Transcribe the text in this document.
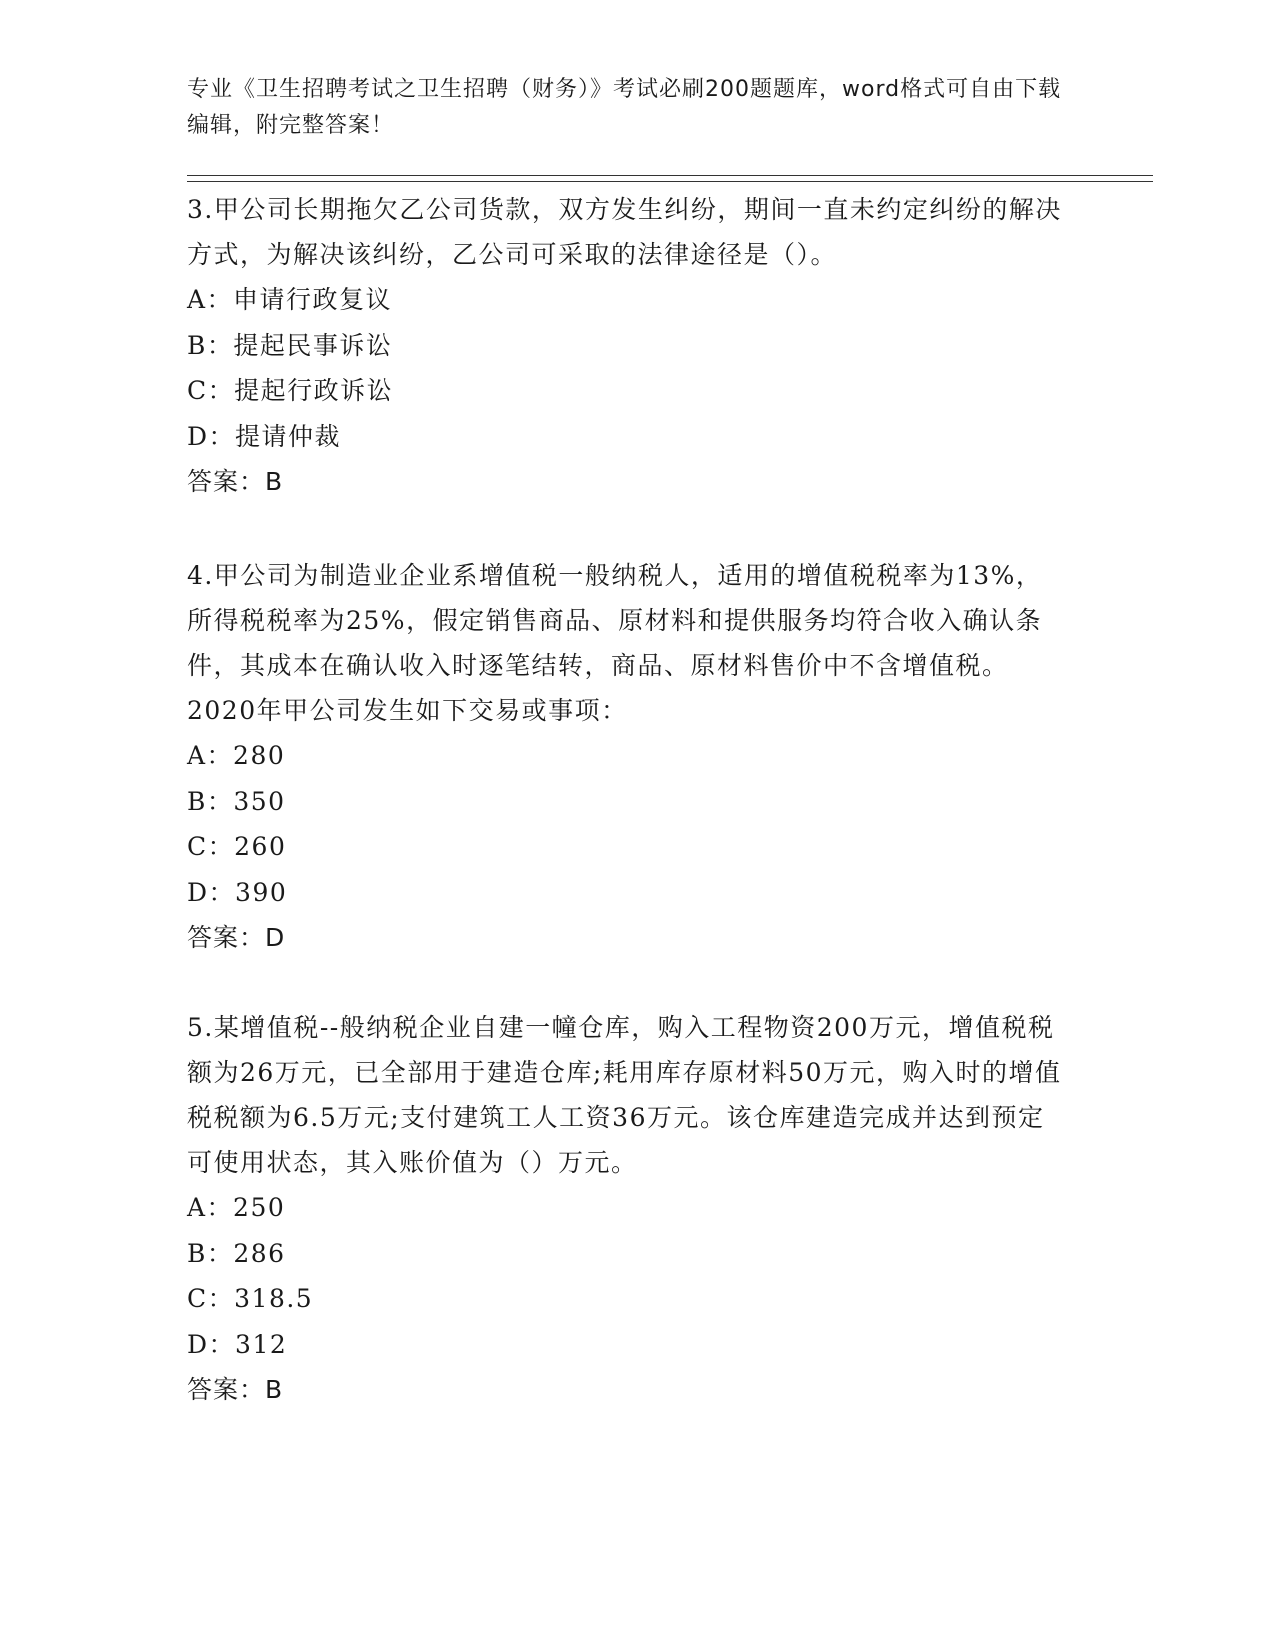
专业《卫生招聘考试之卫生招聘（财务）》考试必刷200题题库，word格式可自由下载编辑，附完整答案！
3.甲公司长期拖欠乙公司货款，双方发生纠纷，期间一直未约定纠纷的解决方式，为解决该纠纷，乙公司可采取的法律途径是（）。
A：申请行政复议
B：提起民事诉讼
C：提起行政诉讼
D：提请仲裁
答案：B
4.甲公司为制造业企业系增值税一般纳税人，适用的增值税税率为13%，所得税税率为25%，假定销售商品、原材料和提供服务均符合收入确认条件，其成本在确认收入时逐笔结转，商品、原材料售价中不含增值税。2020年甲公司发生如下交易或事项：
A：280
B：350
C：260
D：390
答案：D
5.某增值税--般纳税企业自建一幢仓库，购入工程物资200万元，增值税税额为26万元，已全部用于建造仓库;耗用库存原材料50万元，购入时的增值税税额为6.5万元;支付建筑工人工资36万元。该仓库建造完成并达到预定可使用状态，其入账价值为（）万元。
A：250
B：286
C：318.5
D：312
答案：B
